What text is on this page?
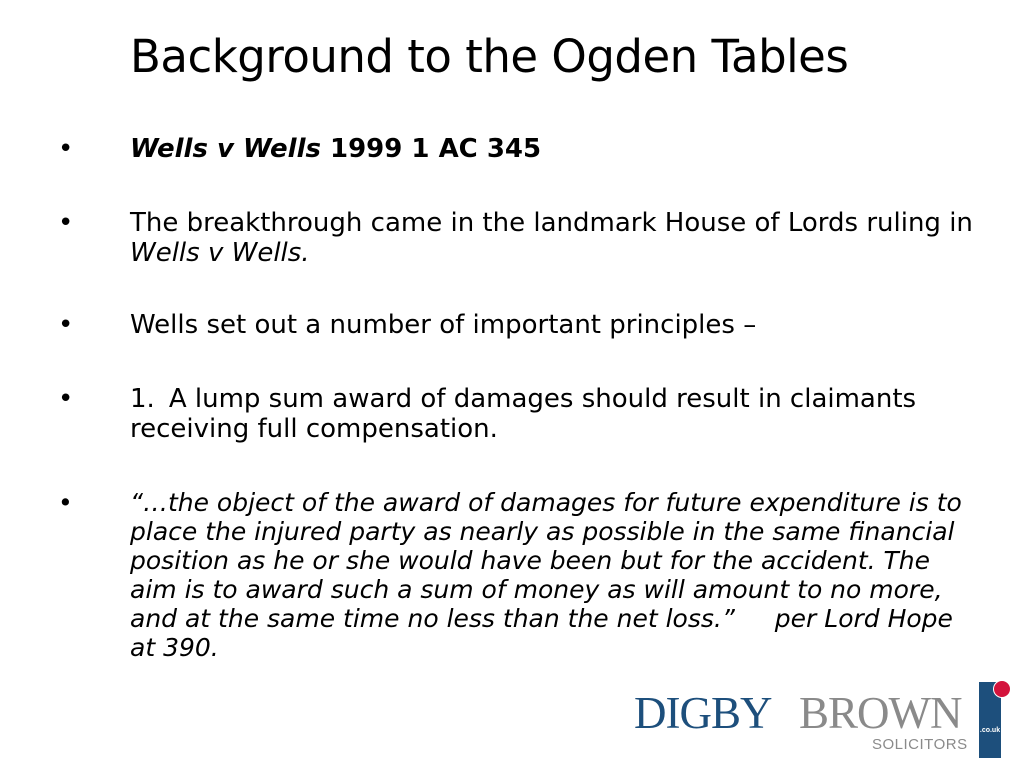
Background to the Ogden Tables
• Wells v Wells 1999 1 AC 345
• The breakthrough came in the landmark House of Lords ruling in Wells v Wells.
• Wells set out a number of important principles –
• 1. A lump sum award of damages should result in claimants receiving full compensation.
• “…the object of the award of damages for future expenditure is to place the injured party as nearly as possible in the same financial position as he or she would have been but for the accident. The aim is to award such a sum of money as will amount to no more, and at the same time no less than the net loss.” per Lord Hope at 390.
DIGBY BROWN
SOLICITORS
.co.uk
